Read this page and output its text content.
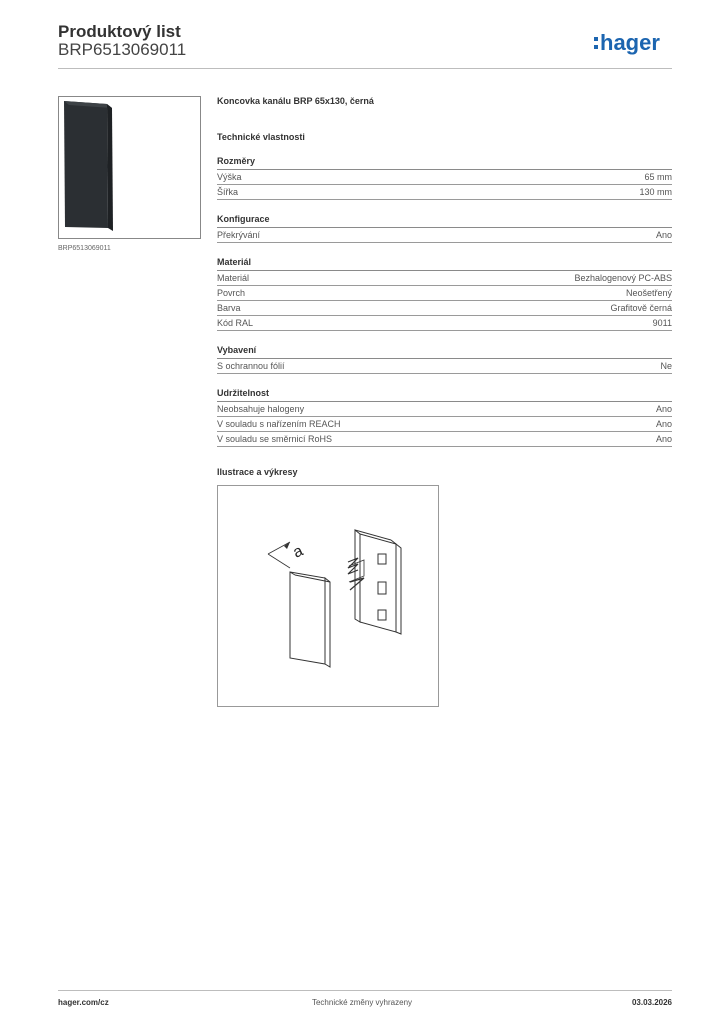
Produktový list
BRP6513069011	hager
BRP6513069011
Koncovka kanálu BRP 65x130, černá
Technické vlastnosti
Rozměry
Výška	65 mm
Šířka	130 mm
Konfigurace
Překrývání	Ano
Materiál
Materiál	Bezhalogenový PC-ABS
Povrch	Neošetřený
Barva	Grafitově černá
Kód RAL	9011
Vybavení
S ochrannou fólií	Ne
Udržitelnost
Neobsahuje halogeny	Ano
V souladu s nařízením REACH	Ano
V souladu se směrnicí RoHS	Ano
Ilustrace a výkresy
a
hager.com/cz	Technické změny vyhrazeny	03.03.2026
